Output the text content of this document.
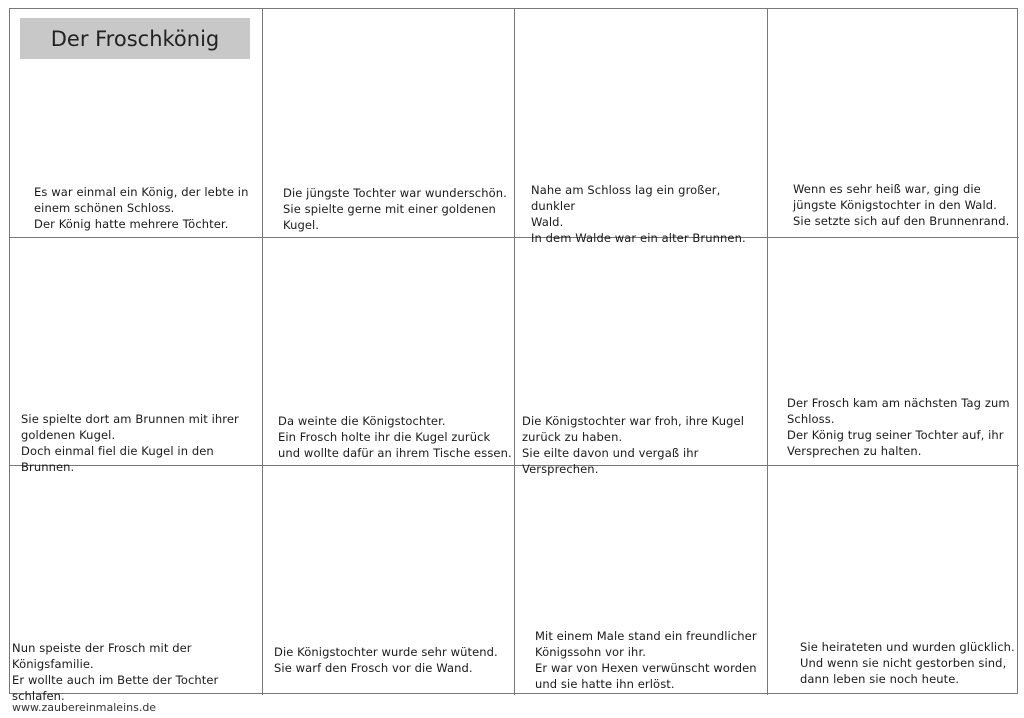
Der Froschkönig
Es war einmal ein König, der lebte in
einem schönen Schloss.
Der König hatte mehrere Töchter.
Die jüngste Tochter war wunderschön.
Sie spielte gerne mit einer goldenen
Kugel.
Nahe am Schloss lag ein großer, dunkler
Wald.
In dem Walde war ein alter Brunnen.
Wenn es sehr heiß war, ging die
jüngste Königstochter in den Wald.
Sie setzte sich auf den Brunnenrand.
Sie spielte dort am Brunnen mit ihrer
goldenen Kugel.
Doch einmal fiel die Kugel in den Brunnen.
Da weinte die Königstochter.
Ein Frosch holte ihr die Kugel zurück
und wollte dafür an ihrem Tische essen.
Die Königstochter war froh, ihre Kugel
zurück zu haben.
Sie eilte davon und vergaß ihr Versprechen.
Der Frosch kam am nächsten Tag zum
Schloss.
Der König trug seiner Tochter auf, ihr
Versprechen zu halten.
Nun speiste der Frosch mit der Königsfamilie.
Er wollte auch im Bette der Tochter
schlafen.
Die Königstochter wurde sehr wütend.
Sie warf den Frosch vor die Wand.
Mit einem Male stand ein freundlicher
Königssohn vor ihr.
Er war von Hexen verwünscht worden
und sie hatte ihn erlöst.
Sie heirateten und wurden glücklich.
Und wenn sie nicht gestorben sind,
dann leben sie noch heute.
www.zaubereinmaleins.de
